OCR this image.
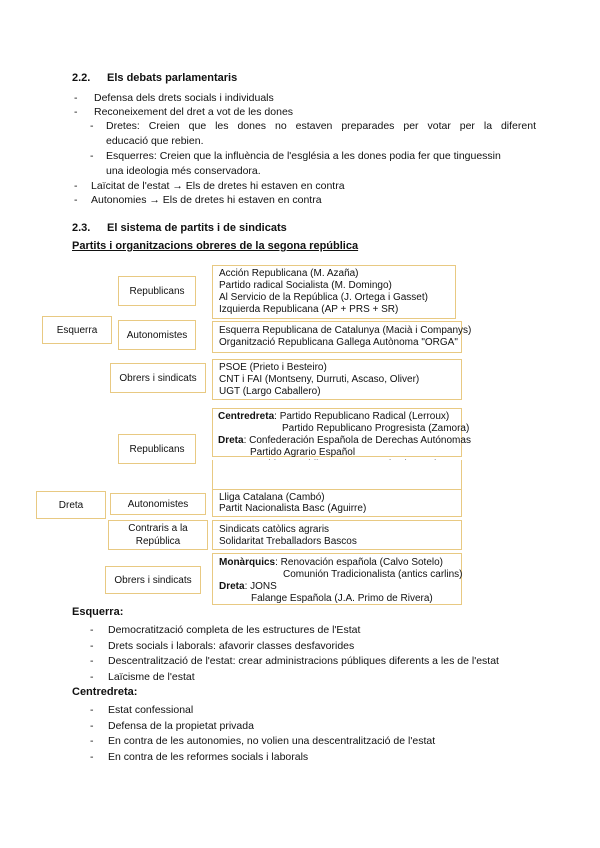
2.2. Els debats parlamentaris
- Defensa dels drets socials i individuals
- Reconeixement del dret a vot de les dones
- Dretes: Creien que les dones no estaven preparades per votar per la diferent
educació que rebien.
- Esquerres: Creien que la influència de l'església a les dones podia fer que tinguessin
una ideologia més conservadora.
- Laïcitat de l'estat → Els de dretes hi estaven en contra
- Autonomies → Els de dretes hi estaven en contra
2.3. El sistema de partits i de sindicats
Partits i organitzacions obreres de la segona república
Esquerra
Dreta
Republicans
Acción Republicana (M. Azaña)
Partido radical Socialista (M. Domingo)
Al Servicio de la República (J. Ortega i Gasset)
Izquierda Republicana (AP + PRS + SR)
Autonomistes	Esquerra Republicana de Catalunya (Macià i Companys)
Organització Republicana Gallega Autònoma "ORGA"
Obrers i sindicats
PSOE (Prieto i Besteiro)
CNT i FAI (Montseny, Durruti, Ascaso, Oliver)
UGT (Largo Caballero)
Republicans
Centredreta: Partido Republicano Radical (Lerroux)
Partido Republicano Progresista (Zamora)
Dreta: Confederación Española de Derechas Autónomas
Partido Agrario Español
Autonomistes
Lliga Catalana (Cambó)
Partit Nacionalista Basc (Aguirre)
Contraris a la
República
Sindicats catòlics agraris
Solidaritat Treballadors Bascos
Obrers i sindicats
Monàrquics: Renovación española (Calvo Sotelo)
Comunión Tradicionalista (antics carlins)
Dreta: JONS
Falange Española (J.A. Primo de Rivera)
Esquerra:
- Democratització completa de les estructures de l'Estat
- Drets socials i laborals: afavorir classes desfavorides
- Descentralització de l'estat: crear administracions públiques diferents a les de l'estat
- Laïcisme de l'estat
Centredreta:
- Estat confessional
- Defensa de la propietat privada
- En contra de les autonomies, no volien una descentralització de l'estat
- En contra de les reformes socials i laborals
